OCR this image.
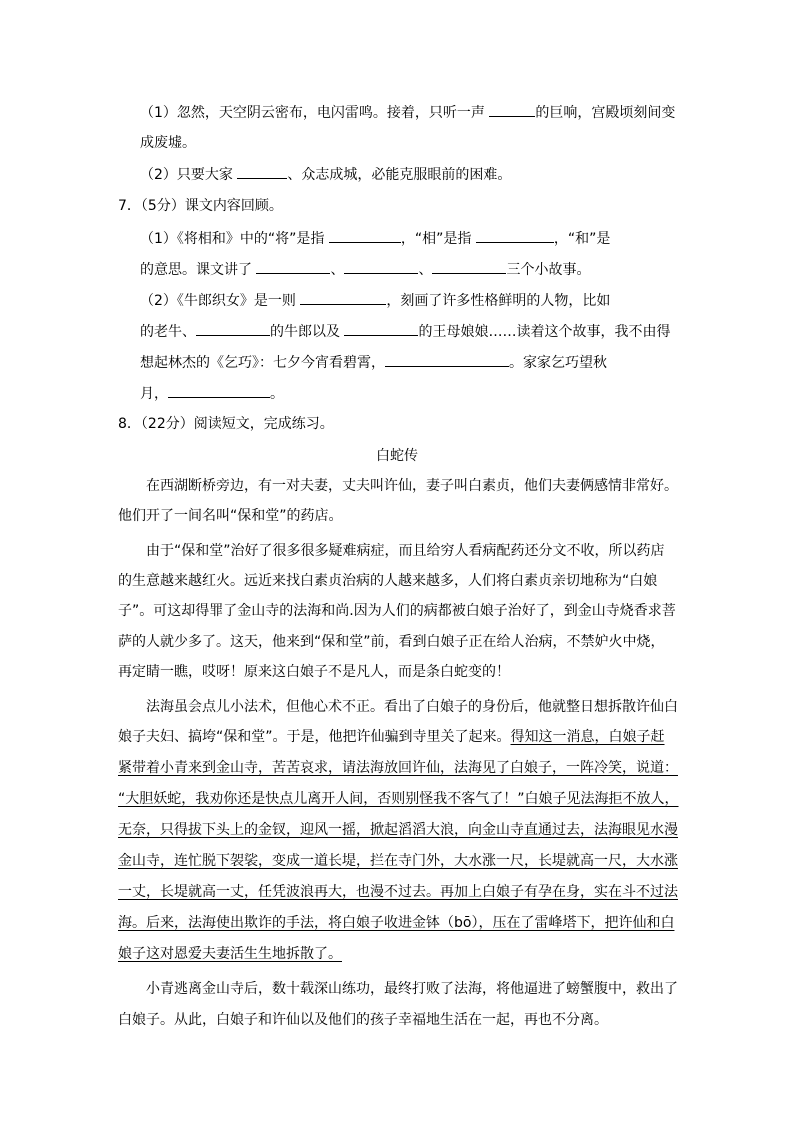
（1）忽然，天空阴云密布，电闪雷鸣。接着，只听一声	的巨响，宫殿顷刻间变
成废墟。
（2）只要大家	、众志成城，必能克服眼前的困难。
7．（5分）课文内容回顾。
（1）《将相和》中的“将”是指	，“相”是指	，“和”是
的意思。课文讲了	、	、	三个小故事。
（2）《牛郎织女》是一则	，刻画了许多性格鲜明的人物，比如
的老牛、	的牛郎以及	的王母娘娘……读着这个故事，我不由得
想起林杰的《乞巧》：七夕今宵看碧霄，	。家家乞巧望秋
月，	。
8．（22分）阅读短文，完成练习。
白蛇传
在西湖断桥旁边，有一对夫妻，丈夫叫许仙，妻子叫白素贞，他们夫妻俩感情非常好。
他们开了一间名叫“保和堂”的药店。
由于“保和堂”治好了很多很多疑难病症，而且给穷人看病配药还分文不收，所以药店
的生意越来越红火。远近来找白素贞治病的人越来越多，人们将白素贞亲切地称为“白娘
子”。可这却得罪了金山寺的法海和尚.因为人们的病都被白娘子治好了，到金山寺烧香求菩
萨的人就少多了。这天，他来到“保和堂”前，看到白娘子正在给人治病，不禁妒火中烧，
再定睛一瞧，哎呀！原来这白娘子不是凡人，而是条白蛇变的！
法海虽会点儿小法术，但他心术不正。看出了白娘子的身份后，他就整日想拆散许仙白
娘子夫妇、搞垮“保和堂”。于是，他把许仙骗到寺里关了起来。得知这一消息，白娘子赶
紧带着小青来到金山寺，苦苦哀求，请法海放回许仙，法海见了白娘子，一阵冷笑，说道：
“大胆妖蛇，我劝你还是快点儿离开人间，否则别怪我不客气了！”白娘子见法海拒不放人，
无奈，只得拔下头上的金钗，迎风一摇，掀起滔滔大浪，向金山寺直通过去，法海眼见水漫
金山寺，连忙脱下袈裟，变成一道长堤，拦在寺门外，大水涨一尺，长堤就高一尺，大水涨
一丈，长堤就高一丈，任凭波浪再大，也漫不过去。再加上白娘子有孕在身，实在斗不过法
海。后来，法海使出欺诈的手法，将白娘子收进金钵（bō），压在了雷峰塔下，把许仙和白
娘子这对恩爱夫妻活生生地拆散了。
小青逃离金山寺后，数十载深山练功，最终打败了法海，将他逼进了螃蟹腹中，救出了
白娘子。从此，白娘子和许仙以及他们的孩子幸福地生活在一起，再也不分离。
